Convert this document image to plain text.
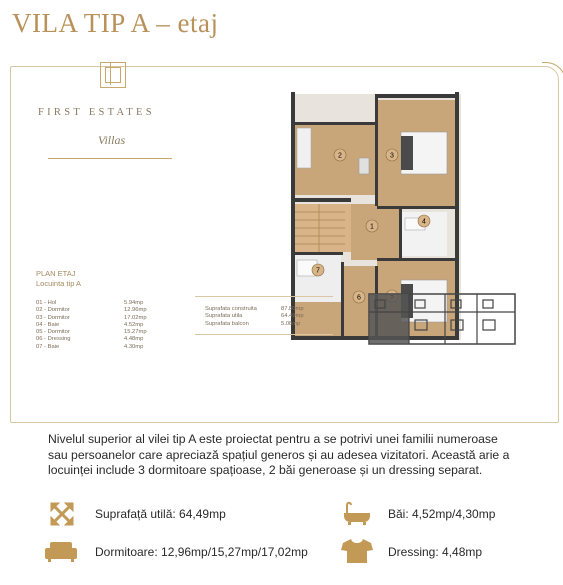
VILA TIP A – etaj
FIRST ESTATES
Villas
1
2	3
4
6
7
PLAN ETAJ
Locuinta tip A
01 - Hol	5.94mp
02 - Dormitor	12.96mp
03 - Dormitor	17.02mp
04 - Baie	4.52mp
05 - Dormitor	15.27mp
06 - Dressing	4.48mp
07 - Baie	4.30mp
Suprafata construita	87.80mp
Suprafata utila	64.49mp
Suprafata balcon	5.08mp
Nivelul superior al vilei tip A este proiectat pentru a se potrivi unei familii numeroase sau persoanelor care apreciază spațiul generos și au adesea vizitatori. Această arie a locuinței include 3 dormitoare spațioase, 2 băi generoase și un dressing separat.
Suprafață utilă: 64,49mp	Băi: 4,52mp/4,30mp
Dormitoare: 12,96mp/15,27mp/17,02mp	Dressing: 4,48mp
